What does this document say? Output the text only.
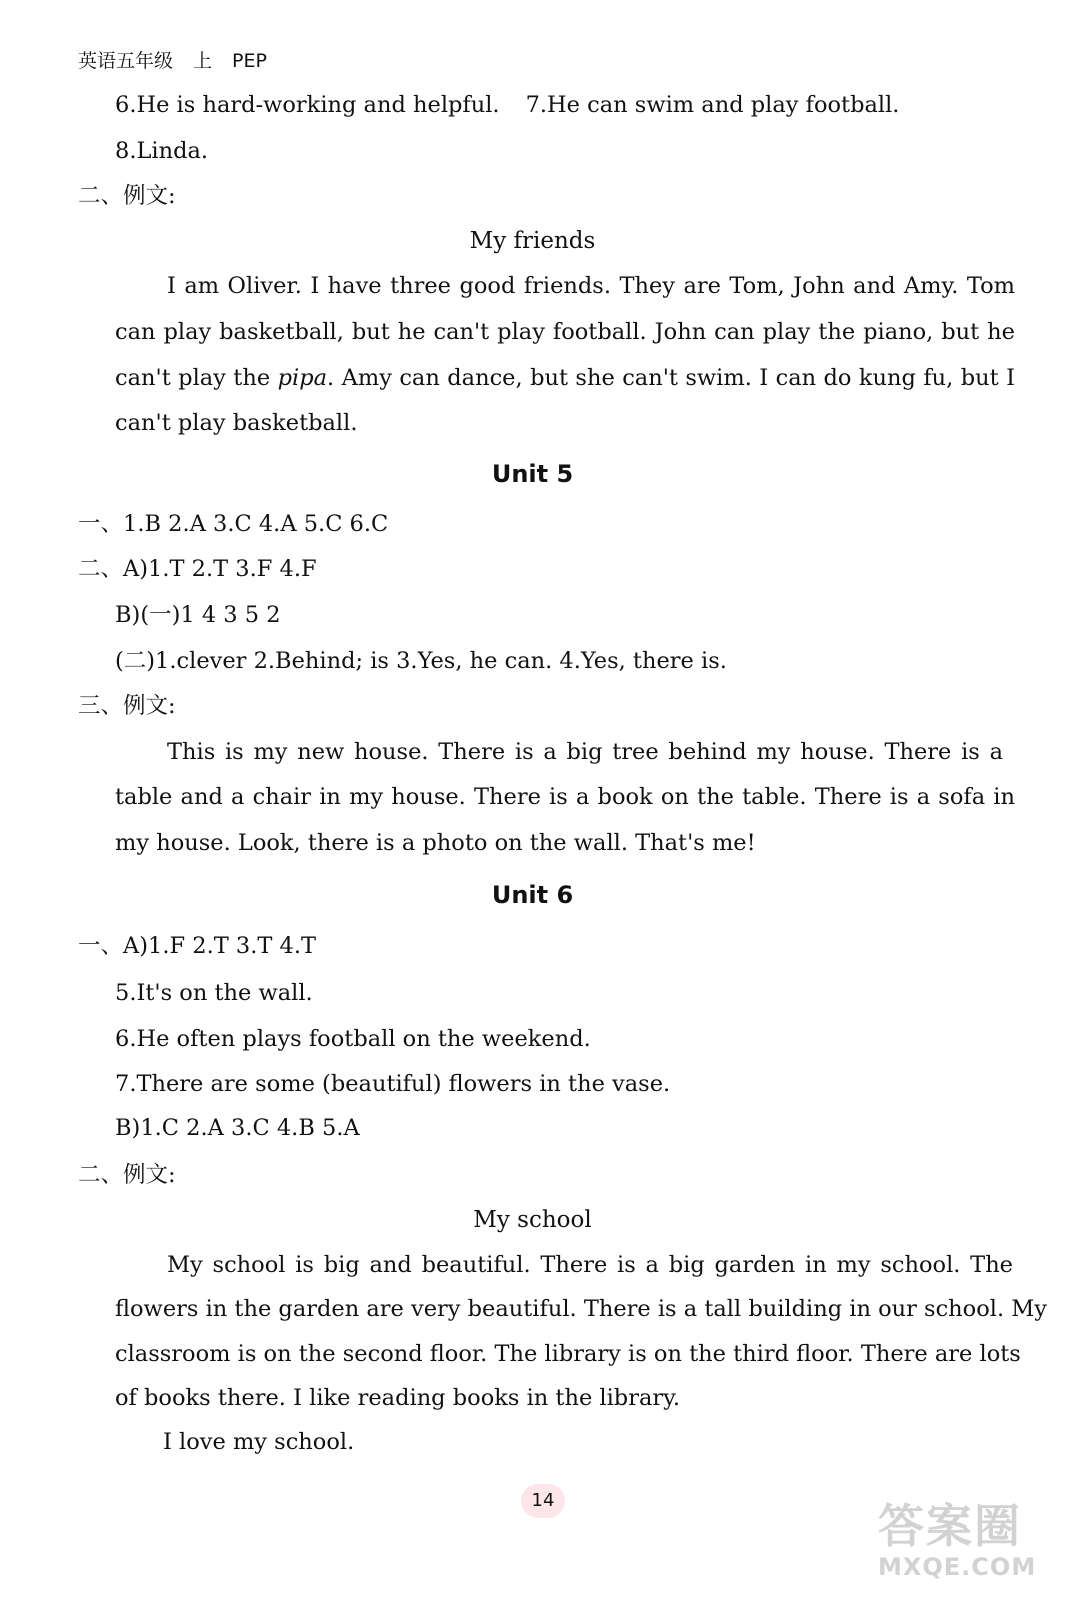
英语五年级 上 PEP
6.He is hard-working and helpful. 7.He can swim and play football.
8.Linda.
二、例文:
My friends
I am Oliver. I have three good friends. They are Tom, John and Amy. Tom
can play basketball, but he can't play football. John can play the piano, but he
can't play the pipa. Amy can dance, but she can't swim. I can do kung fu, but I
can't play basketball.
Unit 5
一、1.B 2.A 3.C 4.A 5.C 6.C
二、A)1.T 2.T 3.F 4.F
B)(一)1 4 3 5 2
(二)1.clever 2.Behind; is 3.Yes, he can. 4.Yes, there is.
三、例文:
This is my new house. There is a big tree behind my house. There is a
table and a chair in my house. There is a book on the table. There is a sofa in
my house. Look, there is a photo on the wall. That's me!
Unit 6
一、A)1.F 2.T 3.T 4.T
5.It's on the wall.
6.He often plays football on the weekend.
7.There are some (beautiful) flowers in the vase.
B)1.C 2.A 3.C 4.B 5.A
二、例文:
My school
My school is big and beautiful. There is a big garden in my school. The
flowers in the garden are very beautiful. There is a tall building in our school. My
classroom is on the second floor. The library is on the third floor. There are lots
of books there. I like reading books in the library.
I love my school.
14	答案圈
MXQE.COM
